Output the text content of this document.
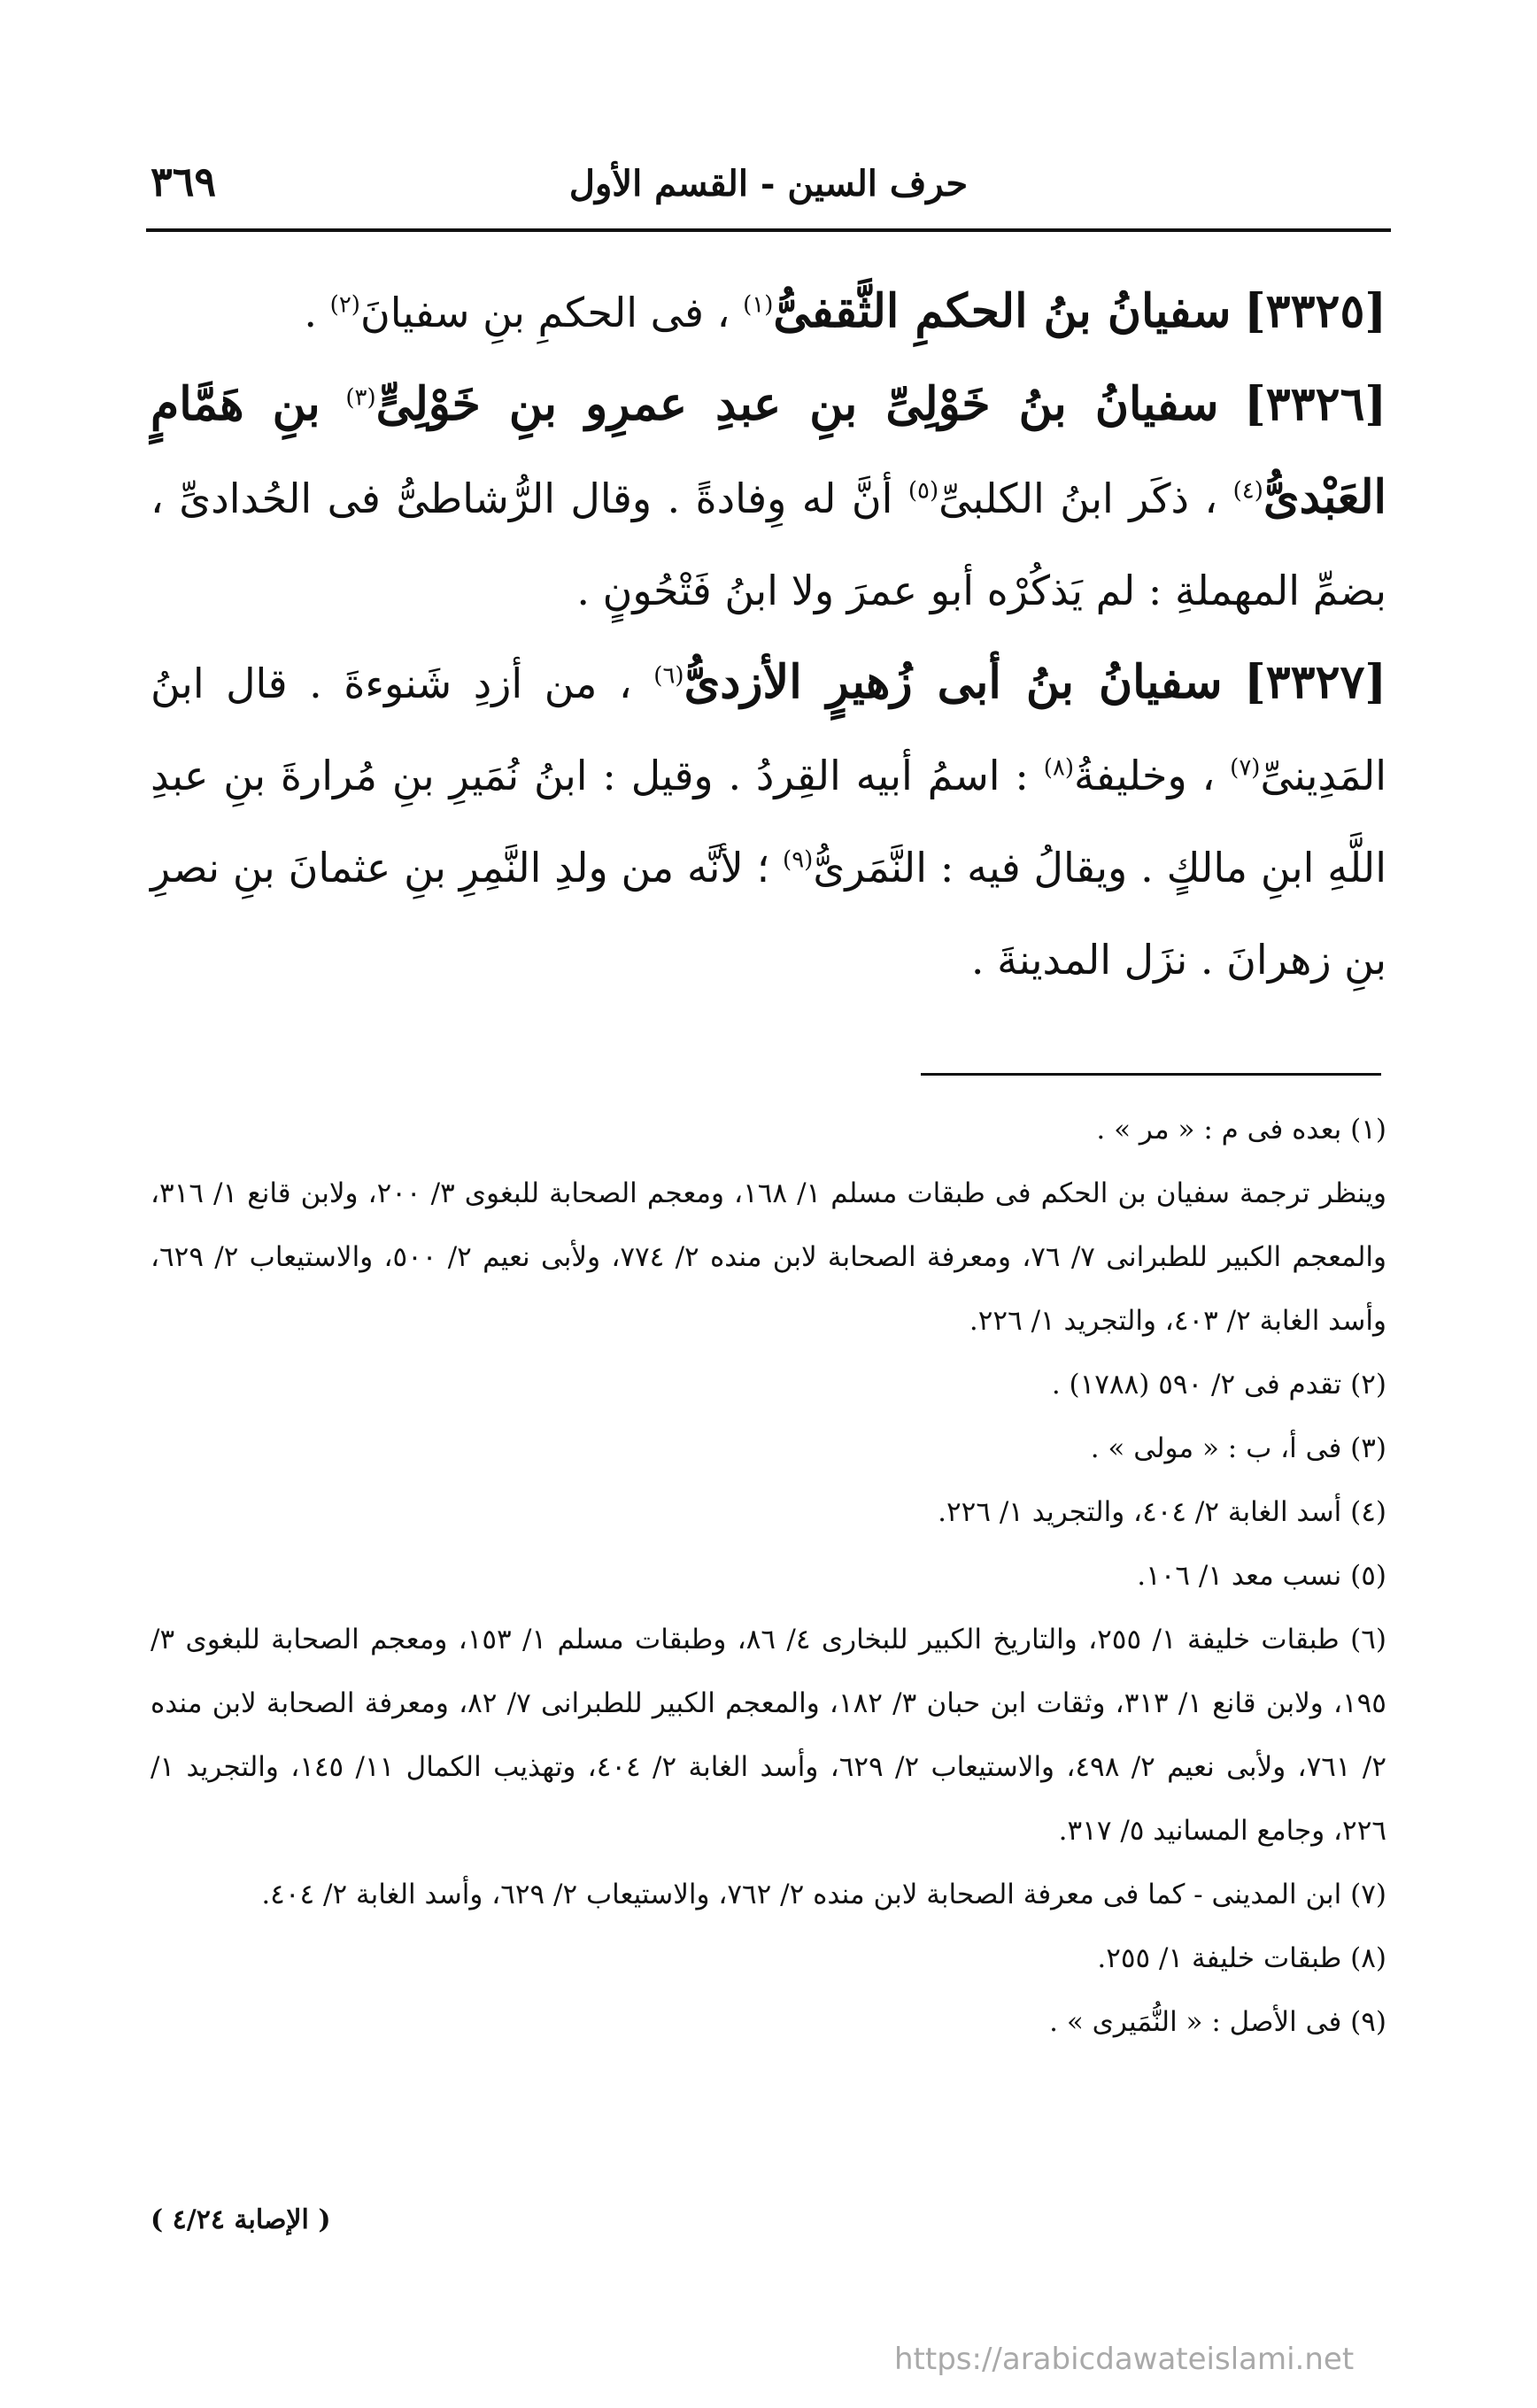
٣٦٩	حرف السين - القسم الأول

[٣٣٢٥] سفيانُ بنُ الحكمِ الثَّقفىُّ$^{(١)}$ ، فى الحكمِ بنِ سفيانَ$^{(٢)}$ .

[٣٣٢٦] سفيانُ بنُ خَوْلِىِّ بنِ عبدِ عمرِو بنِ خَوْلِىٍّ$^{(٣)}$ بنِ هَمَّامٍ العَبْدىُّ$^{(٤)}$ ، ذكَر ابنُ الكلبىِّ$^{(٥)}$ أنَّ له وِفادةً . وقال الرُّشاطىُّ فى الحُدادىِّ ، بضمِّ المهملةِ : لم يَذكُرْه أبو عمرَ ولا ابنُ فَتْحُونٍ .

[٣٣٢٧] سفيانُ بنُ أبى زُهيرٍ الأزدىُّ$^{(٦)}$ ، من أزدِ شَنوءةَ . قال ابنُ المَدِينىِّ$^{(٧)}$ ، وخليفةُ$^{(٨)}$ : اسمُ أبيه القِردُ . وقيل : ابنُ نُمَيرِ بنِ مُرارةَ بنِ عبدِ اللَّهِ ابنِ مالكٍ . ويقالُ فيه : النَّمَرىُّ$^{(٩)}$ ؛ لأنَّه من ولدِ النَّمِرِ بنِ عثمانَ بنِ نصرِ بنِ زهرانَ . نزَل المدينةَ .

(١) بعده فى م : « مر » .

وينظر ترجمة سفيان بن الحكم فى طبقات مسلم ١/ ١٦٨، ومعجم الصحابة للبغوى ٣/ ٢٠٠، ولابن قانع ١/ ٣١٦، والمعجم الكبير للطبرانى ٧/ ٧٦، ومعرفة الصحابة لابن منده ٢/ ٧٧٤، ولأبى نعيم ٢/ ٥٠٠، والاستيعاب ٢/ ٦٢٩، وأسد الغابة ٢/ ٤٠٣، والتجريد ١/ ٢٢٦.

(٢) تقدم فى ٢/ ٥٩٠ (١٧٨٨) .

(٣) فى أ، ب : « مولى » .

(٤) أسد الغابة ٢/ ٤٠٤، والتجريد ١/ ٢٢٦.

(٥) نسب معد ١/ ١٠٦.

(٦) طبقات خليفة ١/ ٢٥٥، والتاريخ الكبير للبخارى ٤/ ٨٦، وطبقات مسلم ١/ ١٥٣، ومعجم الصحابة للبغوى ٣/ ١٩٥، ولابن قانع ١/ ٣١٣، وثقات ابن حبان ٣/ ١٨٢، والمعجم الكبير للطبرانى ٧/ ٨٢، ومعرفة الصحابة لابن منده ٢/ ٧٦١، ولأبى نعيم ٢/ ٤٩٨، والاستيعاب ٢/ ٦٢٩، وأسد الغابة ٢/ ٤٠٤، وتهذيب الكمال ١١/ ١٤٥، والتجريد ١/ ٢٢٦، وجامع المسانيد ٥/ ٣١٧.

(٧) ابن المدينى - كما فى معرفة الصحابة لابن منده ٢/ ٧٦٢، والاستيعاب ٢/ ٦٢٩، وأسد الغابة ٢/ ٤٠٤.

(٨) طبقات خليفة ١/ ٢٥٥.

(٩) فى الأصل : « النُّمَيرى » .

( الإصابة ٤/٢٤ )
https://arabicdawateislami.net
